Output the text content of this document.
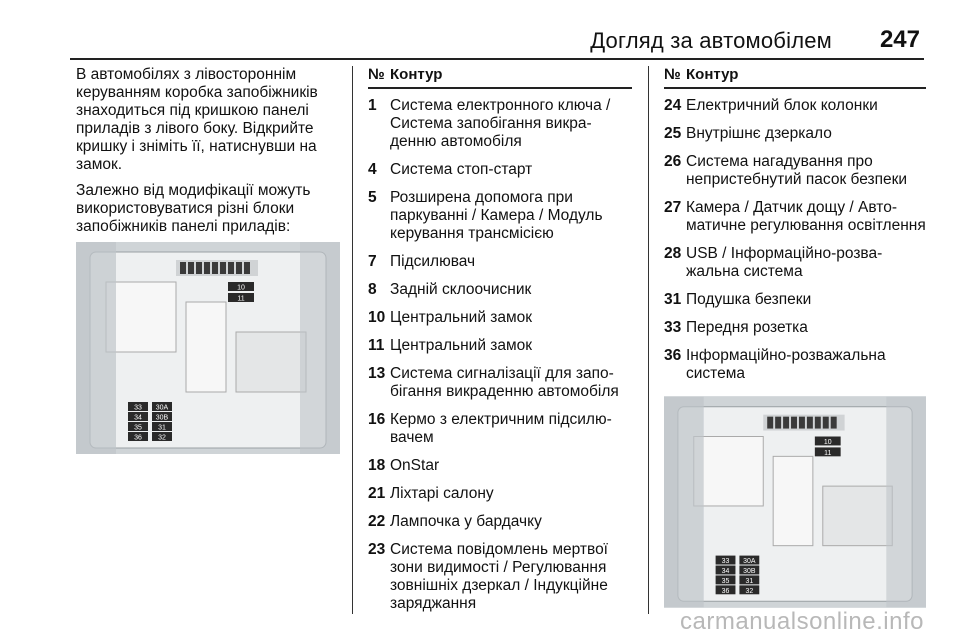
Догляд за автомобілем 247

В автомобілях з лівостороннім керуванням коробка запобіжників знаходиться під кришкою панелі приладів з лівого боку. Відкрийте кришку і зніміть її, натиснувши на замок.

Залежно від модифікації можуть використовуватися різні блоки запобіжників панелі приладів:

10
11
33
34
35
36
30A
30B
31
32
№ Контур
1 Система електронного ключа / Система запобігання викраденню автомобіля
4 Система стоп-старт
5 Розширена допомога при паркуванні / Камера / Модуль керування трансмісією
7 Підсилювач
8 Задній склоочисник
10 Центральний замок
11 Центральний замок
13 Система сигналізації для запобігання викраденню автомобіля
16 Кермо з електричним підсилювачем
18 OnStar
21 Ліхтарі салону
22 Лампочка у бардачку
23 Система повідомлень мертвої зони видимості / Регулювання зовнішніх дзеркал / Індукційне заряджання
№ Контур
24 Електричний блок колонки
25 Внутрішнє дзеркало
26 Система нагадування про непристебнутий пасок безпеки
27 Камера / Датчик дощу / Автоматичне регулювання освітлення
28 USB / Інформаційно-розважальна система
31 Подушка безпеки
33 Передня розетка
36 Інформаційно-розважальна система
10
11
33
34
35
36
30A
30B
31
32
carmanualsonline.info
